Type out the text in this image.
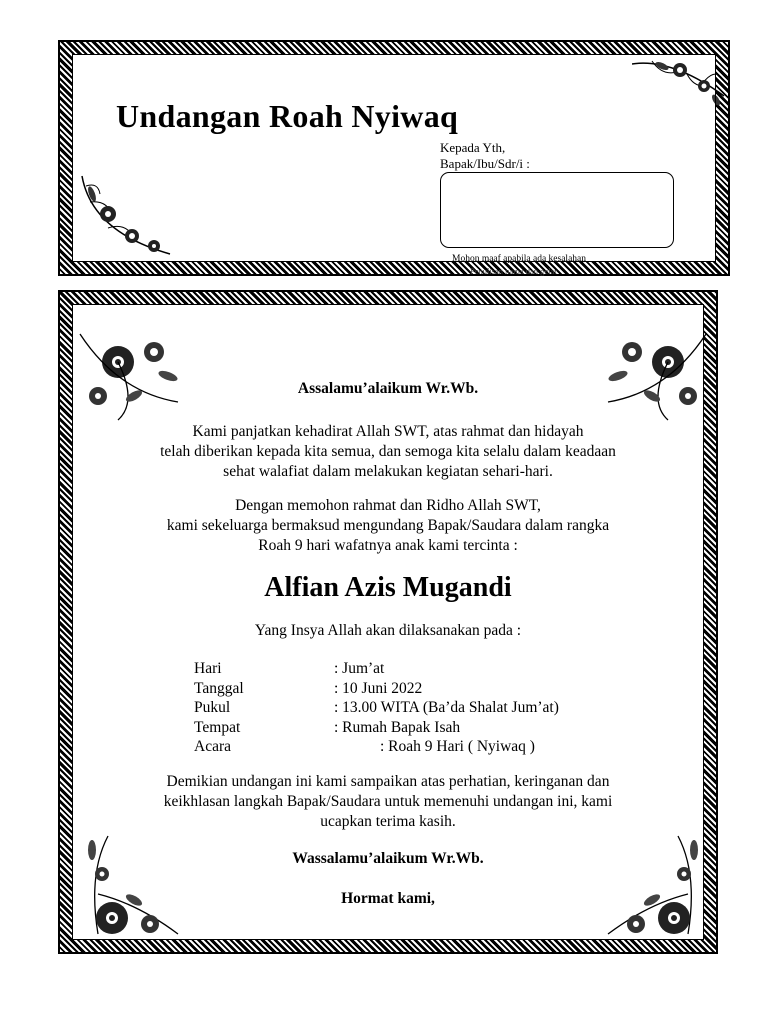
Undangan Roah Nyiwaq
Kepada Yth,
Bapak/Ibu/Sdr/i :
Mohon maaf apabila ada kesalahan
Penulisan nama dan gelar
Assalamu’alaikum Wr.Wb.
Kami panjatkan kehadirat Allah SWT, atas rahmat dan hidayah
telah diberikan kepada kita semua, dan semoga kita selalu dalam keadaan
sehat walafiat dalam melakukan kegiatan sehari-hari.
Dengan memohon rahmat dan Ridho Allah SWT,
kami sekeluarga bermaksud mengundang Bapak/Saudara dalam rangka
Roah 9 hari wafatnya anak kami tercinta :
Alfian Azis Mugandi
Yang Insya Allah akan dilaksanakan pada :
Hari	: Jum’at
Tanggal	: 10 Juni 2022
Pukul	: 13.00 WITA (Ba’da Shalat Jum’at)
Tempat	: Rumah Bapak Isah
Acara	: Roah 9 Hari ( Nyiwaq )
Demikian undangan ini kami sampaikan atas perhatian, keringanan dan
keikhlasan langkah Bapak/Saudara untuk memenuhi undangan ini, kami
ucapkan terima kasih.
Wassalamu’alaikum Wr.Wb.
Hormat kami,
